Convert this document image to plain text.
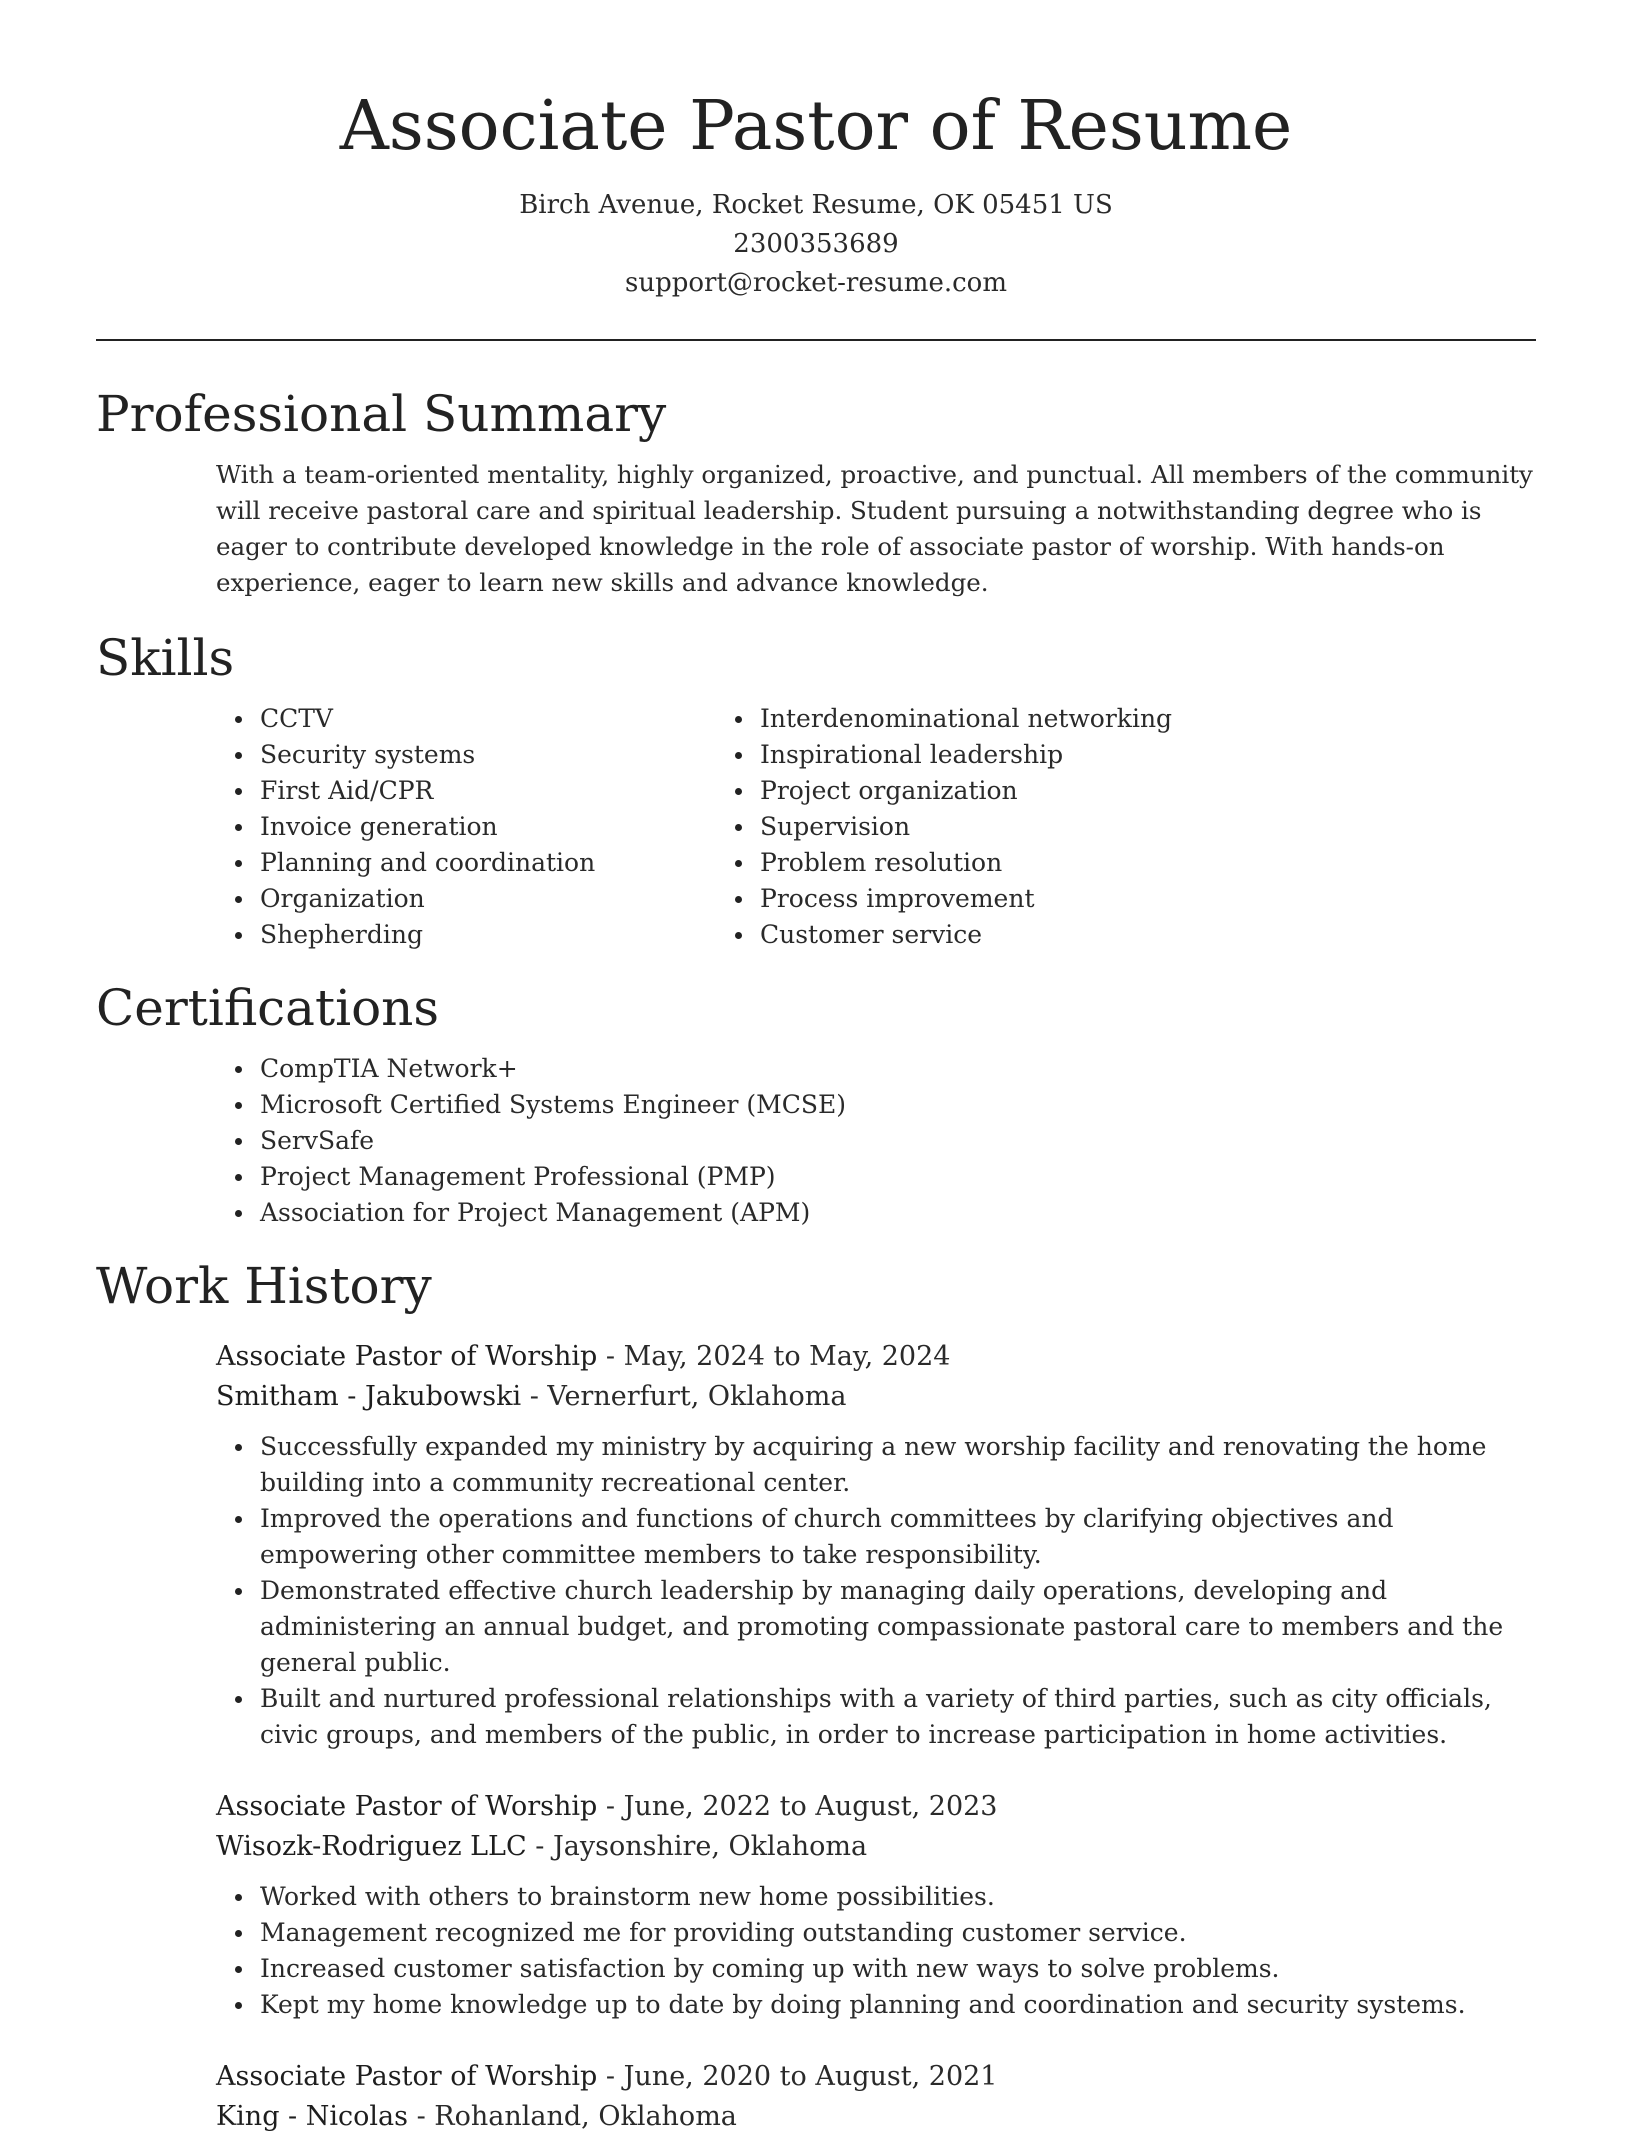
Associate Pastor of Resume
Birch Avenue, Rocket Resume, OK 05451 US
2300353689
support@rocket-resume.com
Professional Summary

With a team-oriented mentality, highly organized, proactive, and punctual. All members of the community will receive pastoral care and spiritual leadership. Student pursuing a notwithstanding degree who is eager to contribute developed knowledge in the role of associate pastor of worship. With hands-on experience, eager to learn new skills and advance knowledge.

Skills
CCTV
Security systems
First Aid/CPR
Invoice generation
Planning and coordination
Organization
Shepherding
Interdenominational networking
Inspirational leadership
Project organization
Supervision
Problem resolution
Process improvement
Customer service
Certifications
CompTIA Network+
Microsoft Certified Systems Engineer (MCSE)
ServSafe
Project Management Professional (PMP)
Association for Project Management (APM)
Work History
Associate Pastor of Worship - May, 2024 to May, 2024
Smitham - Jakubowski - Vernerfurt, Oklahoma
Successfully expanded my ministry by acquiring a new worship facility and renovating the home building into a community recreational center.
Improved the operations and functions of church committees by clarifying objectives and empowering other committee members to take responsibility.
Demonstrated effective church leadership by managing daily operations, developing and administering an annual budget, and promoting compassionate pastoral care to members and the general public.
Built and nurtured professional relationships with a variety of third parties, such as city officials, civic groups, and members of the public, in order to increase participation in home activities.
Associate Pastor of Worship - June, 2022 to August, 2023
Wisozk-Rodriguez LLC - Jaysonshire, Oklahoma
Worked with others to brainstorm new home possibilities.
Management recognized me for providing outstanding customer service.
Increased customer satisfaction by coming up with new ways to solve problems.
Kept my home knowledge up to date by doing planning and coordination and security systems.
Associate Pastor of Worship - June, 2020 to August, 2021
King - Nicolas - Rohanland, Oklahoma
